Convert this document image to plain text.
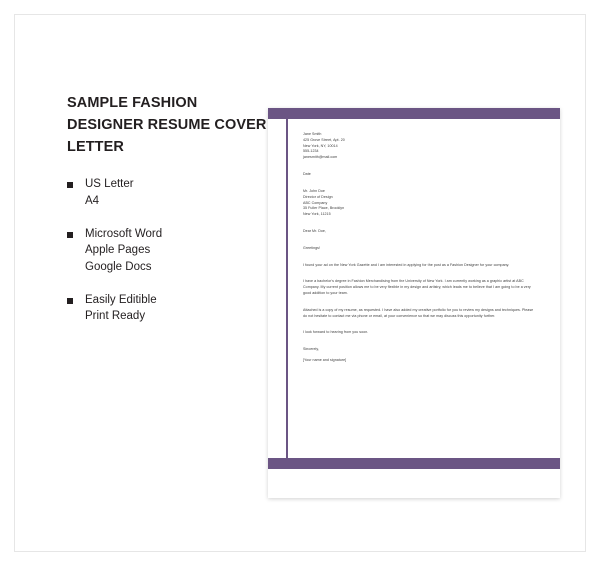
SAMPLE FASHION DESIGNER RESUME COVER LETTER
US Letter
A4
Microsoft Word
Apple Pages
Google Docs
Easily Editible
Print Ready
Jane Smith
425 Grove Street, Apt. 20
New York, NY, 10014
555-1234
janesmith@mail.com
Date
Mr. John Doe
Director of Design
ABC Company
35 Fuller Place, Brooklyn
New York, 11215
Dear Mr. Doe,
Greetings!
I found your ad on the New York Gazette and I am interested in applying for the post as a Fashion Designer for your company.
I have a bachelor's degree in Fashion Merchandising from the University of New York. I am currently working as a graphic artist at ABC Company. My current position allows me to be very flexible in my design and artistry, which leads me to believe that I am going to be a very good addition to your team.
Attached is a copy of my resume, as requested. I have also added my creative portfolio for you to review my designs and techniques. Please do not hesitate to contact me via phone or email, at your convenience so that we may discuss this opportunity further.
I look forward to hearing from you soon.
Sincerely,
[Your name and signature]
